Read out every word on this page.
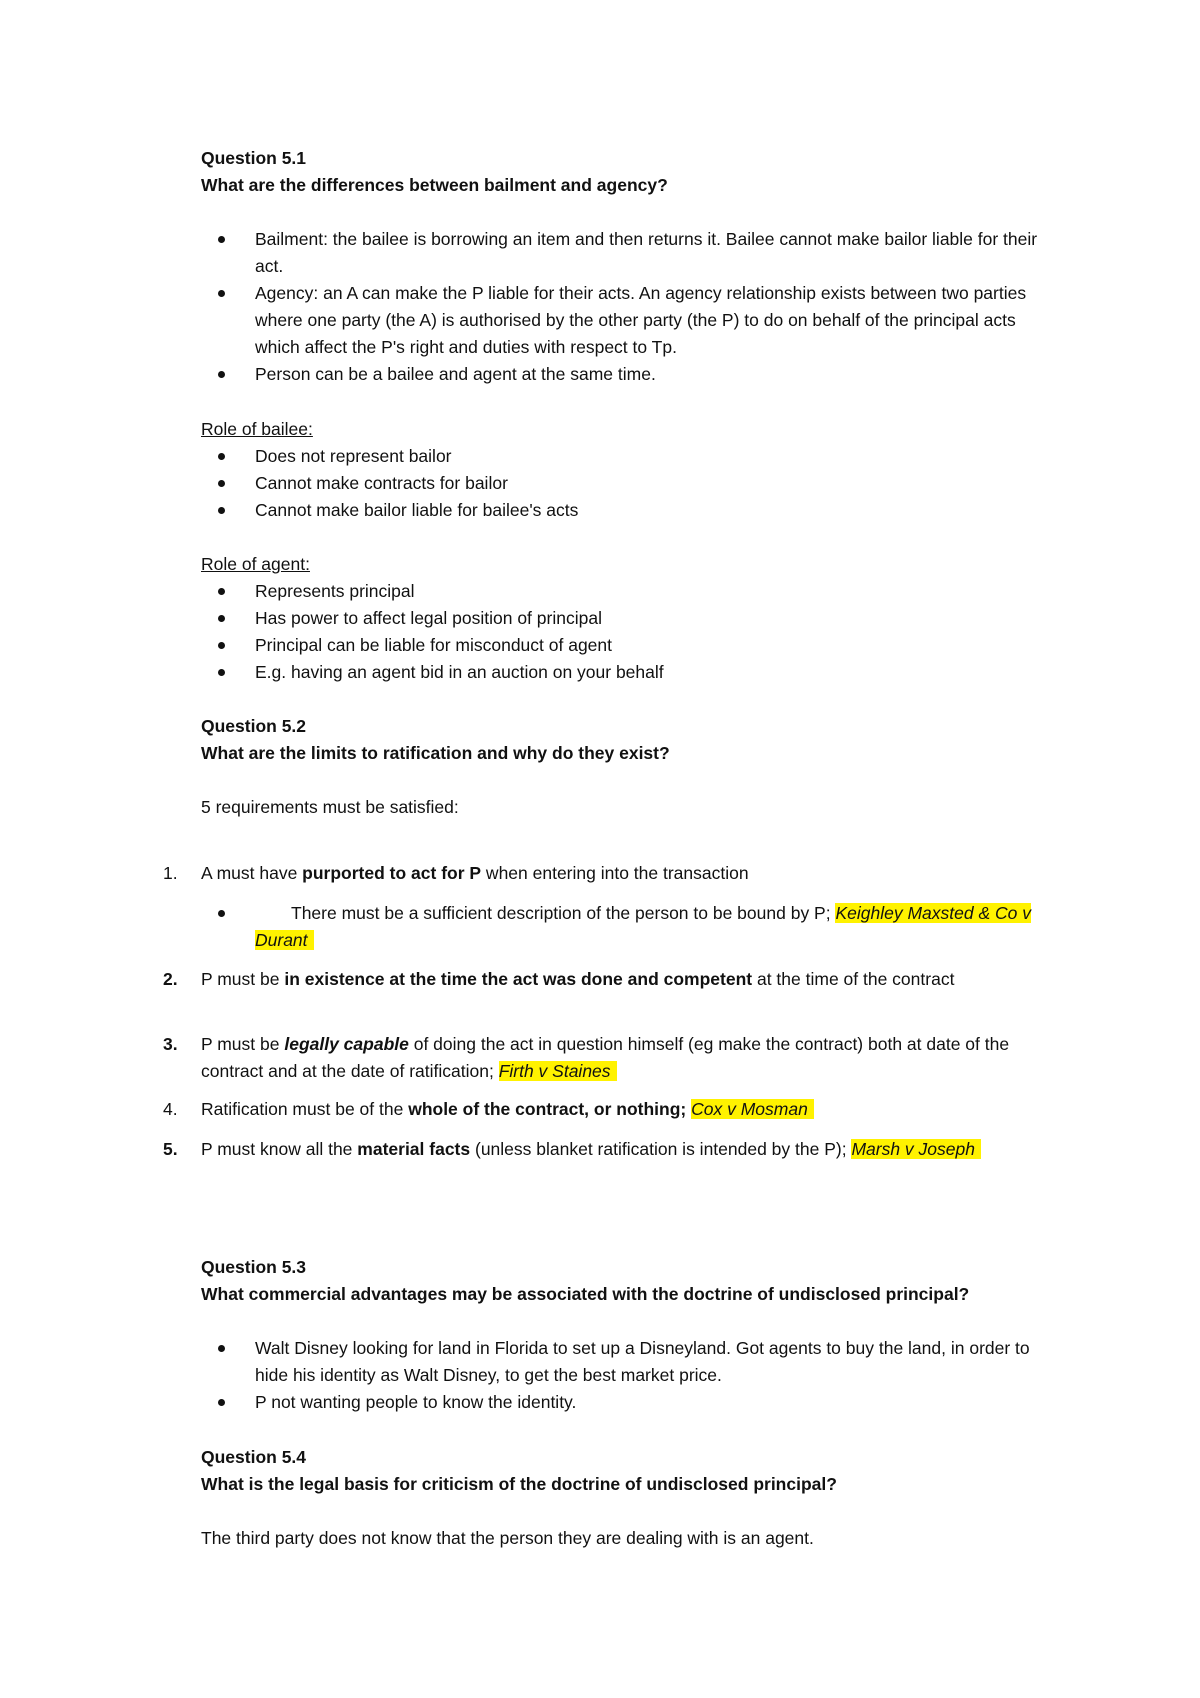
Question 5.1

What are the differences between bailment and agency?

Bailment: the bailee is borrowing an item and then returns it. Bailee cannot make bailor liable for their act.
Agency: an A can make the P liable for their acts. An agency relationship exists between two parties where one party (the A) is authorised by the other party (the P) to do on behalf of the principal acts which affect the P's right and duties with respect to Tp.
Person can be a bailee and agent at the same time.

Role of bailee:

Does not represent bailor
Cannot make contracts for bailor
Cannot make bailor liable for bailee's acts

Role of agent:

Represents principal
Has power to affect legal position of principal
Principal can be liable for misconduct of agent
E.g. having an agent bid in an auction on your behalf

Question 5.2

What are the limits to ratification and why do they exist?

5 requirements must be satisfied:

1. A must have purported to act for P when entering into the transaction
There must be a sufficient description of the person to be bound by P; Keighley Maxsted & Co v Durant
2. P must be in existence at the time the act was done and competent at the time of the contract
3. P must be legally capable of doing the act in question himself (eg make the contract) both at date of the contract and at the date of ratification; Firth v Staines
4. Ratification must be of the whole of the contract, or nothing; Cox v Mosman
5. P must know all the material facts (unless blanket ratification is intended by the P); Marsh v Joseph

Question 5.3

What commercial advantages may be associated with the doctrine of undisclosed principal?

Walt Disney looking for land in Florida to set up a Disneyland. Got agents to buy the land, in order to hide his identity as Walt Disney, to get the best market price.
P not wanting people to know the identity.

Question 5.4

What is the legal basis for criticism of the doctrine of undisclosed principal?

The third party does not know that the person they are dealing with is an agent.
